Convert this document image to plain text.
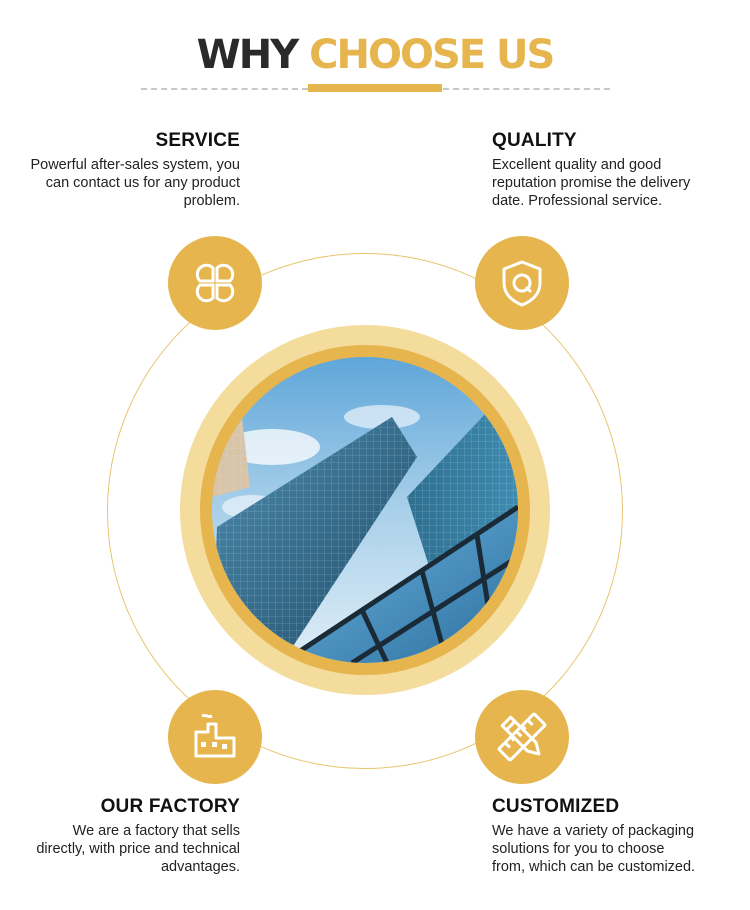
WHY CHOOSE US
SERVICE

Powerful after-sales system, you can contact us for any product problem.

QUALITY

Excellent quality and good reputation promise the delivery date. Professional service.

OUR FACTORY

We are a factory that sells directly, with price and technical advantages.

CUSTOMIZED

We have a variety of packaging solutions for you to choose from, which can be customized.
